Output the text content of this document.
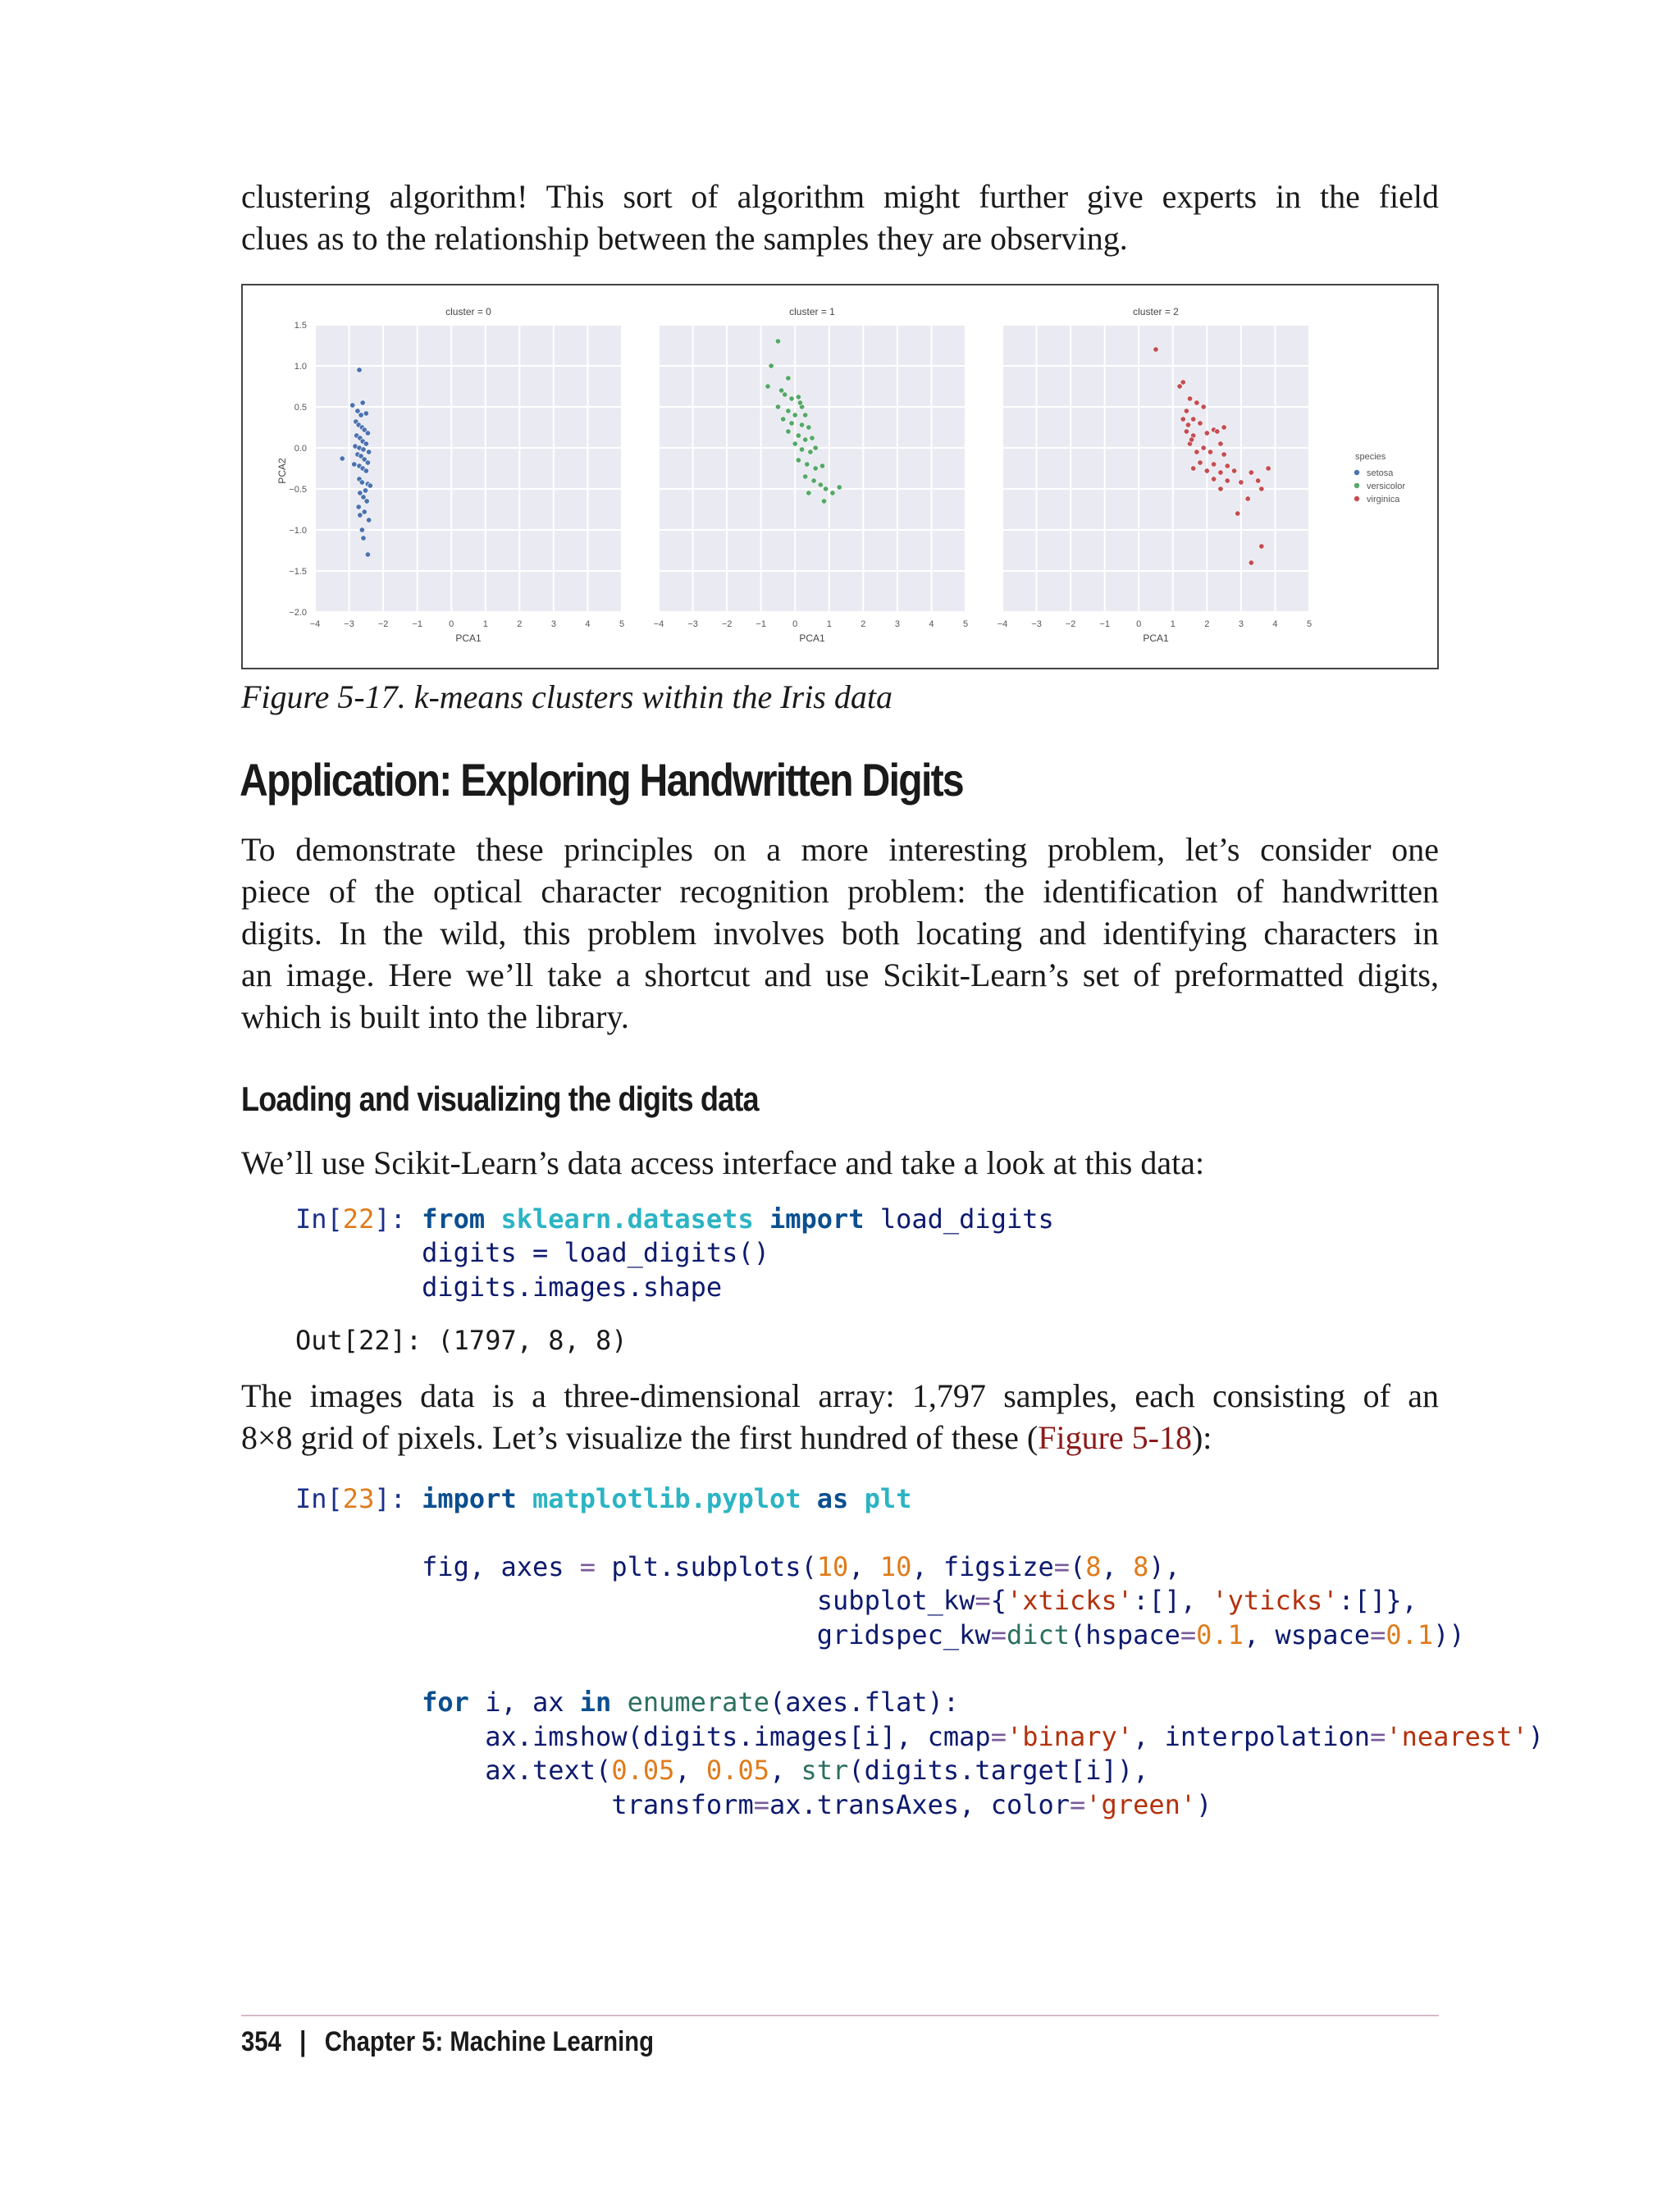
clustering algorithm! This sort of algorithm might further give experts in the field
clues as to the relationship between the samples they are observing.

−4	−3	−2	−1	0	1	2	3	4	5
1.5
1.0
0.5
0.0
−0.5
−1.0
−1.5
−2.0
cluster = 0
PCA1
−4	−3	−2	−1	0	1	2	3	4	5
cluster = 1
PCA1
−4	−3	−2	−1	0	1	2	3	4	5
cluster = 2
PCA1
PCA2
species
setosa
versicolor
virginica
Figure 5-17. k-means clusters within the Iris data
Application: Exploring Handwritten Digits

To demonstrate these principles on a more interesting problem, let’s consider one
piece of the optical character recognition problem: the identification of handwritten
digits. In the wild, this problem involves both locating and identifying characters in
an image. Here we’ll take a shortcut and use Scikit-Learn’s set of preformatted digits,
which is built into the library.

Loading and visualizing the digits data

We’ll use Scikit-Learn’s data access interface and take a look at this data:

In[22]: from sklearn.datasets import load_digits
digits = load_digits()
digits.images.shape
Out[22]: (1797, 8, 8)

The images data is a three-dimensional array: 1,797 samples, each consisting of an
8×8 grid of pixels. Let’s visualize the first hundred of these (Figure 5-18):

In[23]: import matplotlib.pyplot as plt

fig, axes = plt.subplots(10, 10, figsize=(8, 8),
subplot_kw={'xticks':[], 'yticks':[]},
gridspec_kw=dict(hspace=0.1, wspace=0.1))

for i, ax in enumerate(axes.flat):
ax.imshow(digits.images[i], cmap='binary', interpolation='nearest')
ax.text(0.05, 0.05, str(digits.target[i]),
transform=ax.transAxes, color='green')
354 | Chapter 5: Machine Learning
